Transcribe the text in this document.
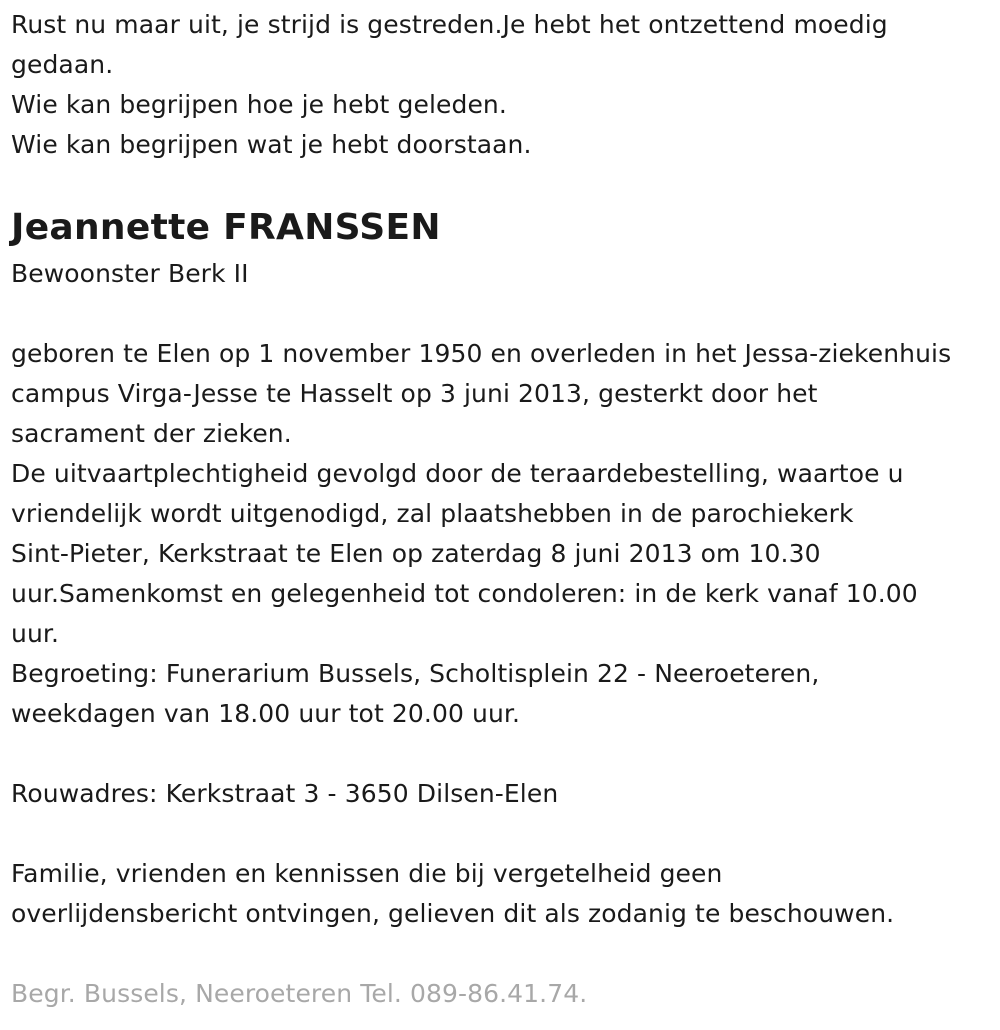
Rust nu maar uit, je strijd is gestreden.Je hebt het ontzettend moedig
gedaan.
Wie kan begrijpen hoe je hebt geleden.
Wie kan begrijpen wat je hebt doorstaan.
Jeannette FRANSSEN
Bewoonster Berk II
geboren te Elen op 1 november 1950 en overleden in het Jessa-ziekenhuis
campus Virga-Jesse te Hasselt op 3 juni 2013, gesterkt door het
sacrament der zieken.
De uitvaartplechtigheid gevolgd door de teraardebestelling, waartoe u
vriendelijk wordt uitgenodigd, zal plaatshebben in de parochiekerk
Sint-Pieter, Kerkstraat te Elen op zaterdag 8 juni 2013 om 10.30
uur.Samenkomst en gelegenheid tot condoleren: in de kerk vanaf 10.00
uur.
Begroeting: Funerarium Bussels, Scholtisplein 22 - Neeroeteren,
weekdagen van 18.00 uur tot 20.00 uur.
Rouwadres: Kerkstraat 3 - 3650 Dilsen-Elen
Familie, vrienden en kennissen die bij vergetelheid geen
overlijdensbericht ontvingen, gelieven dit als zodanig te beschouwen.
Begr. Bussels, Neeroeteren Tel. 089-86.41.74.
